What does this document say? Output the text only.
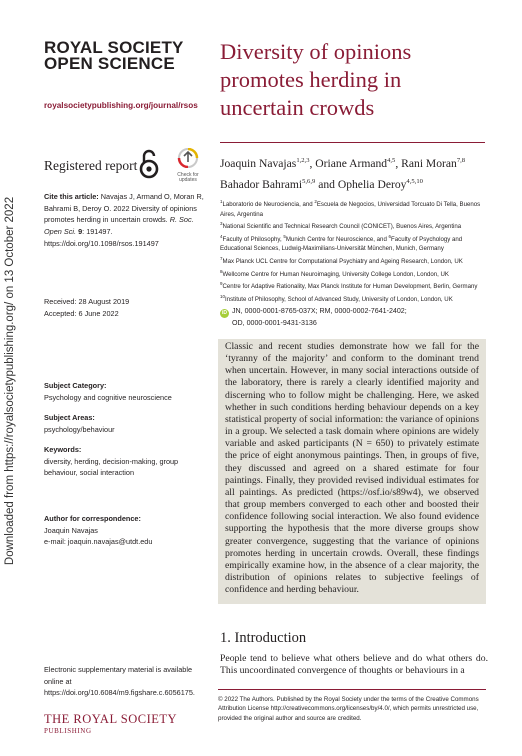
Downloaded from https://royalsocietypublishing.org/ on 13 October 2022
ROYAL SOCIETY
OPEN SCIENCE
royalsocietypublishing.org/journal/rsos
Registered report
Check for
updates
Cite this article: Navajas J, Armand O, Moran R, Bahrami B, Deroy O. 2022 Diversity of opinions promotes herding in uncertain crowds. R. Soc. Open Sci. 9: 191497.
https://doi.org/10.1098/rsos.191497
Received: 28 August 2019
Accepted: 6 June 2022
Subject Category:
Psychology and cognitive neuroscience
Subject Areas:
psychology/behaviour
Keywords:
diversity, herding, decision-making, group behaviour, social interaction
Author for correspondence:
Joaquin Navajas
e-mail: joaquin.navajas@utdt.edu
Electronic supplementary material is available online at https://doi.org/10.6084/m9.figshare.c.6056175.
THE ROYAL SOCIETY
PUBLISHING
Diversity of opinions promotes herding in uncertain crowds
Joaquin Navajas$^{1,2,3}$, Oriane Armand$^{4,5}$, Rani Moran$^{7,8}$
Bahador Bahrami$^{5,6,9}$ and Ophelia Deroy$^{4,5,10}$
$^1$Laboratorio de Neurociencia, and $^2$Escuela de Negocios, Universidad Torcuato Di Tella, Buenos Aires, Argentina
$^3$National Scientific and Technical Research Council (CONICET), Buenos Aires, Argentina
$^4$Faculty of Philosophy, $^5$Munich Centre for Neuroscience, and $^6$Faculty of Psychology and Educational Sciences, Ludwig-Maximilians-Universität München, Munich, Germany
$^7$Max Planck UCL Centre for Computational Psychiatry and Ageing Research, London, UK
$^8$Wellcome Centre for Human Neuroimaging, University College London, London, UK
$^9$Centre for Adaptive Rationality, Max Planck Institute for Human Development, Berlin, Germany
$^{10}$Institute of Philosophy, School of Advanced Study, University of London, London, UK
iD JN, 0000-0001-8765-037X; RM, 0000-0002-7641-2402;
OD, 0000-0001-9431-3136
Classic and recent studies demonstrate how we fall for the ‘tyranny of the majority’ and conform to the dominant trend when uncertain. However, in many social interactions outside of the laboratory, there is rarely a clearly identified majority and discerning who to follow might be challenging. Here, we asked whether in such conditions herding behaviour depends on a key statistical property of social information: the variance of opinions in a group. We selected a task domain where opinions are widely variable and asked participants (N = 650) to privately estimate the price of eight anonymous paintings. Then, in groups of five, they discussed and agreed on a shared estimate for four paintings. Finally, they provided revised individual estimates for all paintings. As predicted (https://osf.io/s89w4), we observed that group members converged to each other and boosted their confidence following social interaction. We also found evidence supporting the hypothesis that the more diverse groups show greater convergence, suggesting that the variance of opinions promotes herding in uncertain crowds. Overall, these findings empirically examine how, in the absence of a clear majority, the distribution of opinions relates to subjective feelings of confidence and herding behaviour.
1. Introduction
People tend to believe what others believe and do what others do. This uncoordinated convergence of thoughts or behaviours in a
© 2022 The Authors. Published by the Royal Society under the terms of the Creative Commons Attribution License http://creativecommons.org/licenses/by/4.0/, which permits unrestricted use, provided the original author and source are credited.
